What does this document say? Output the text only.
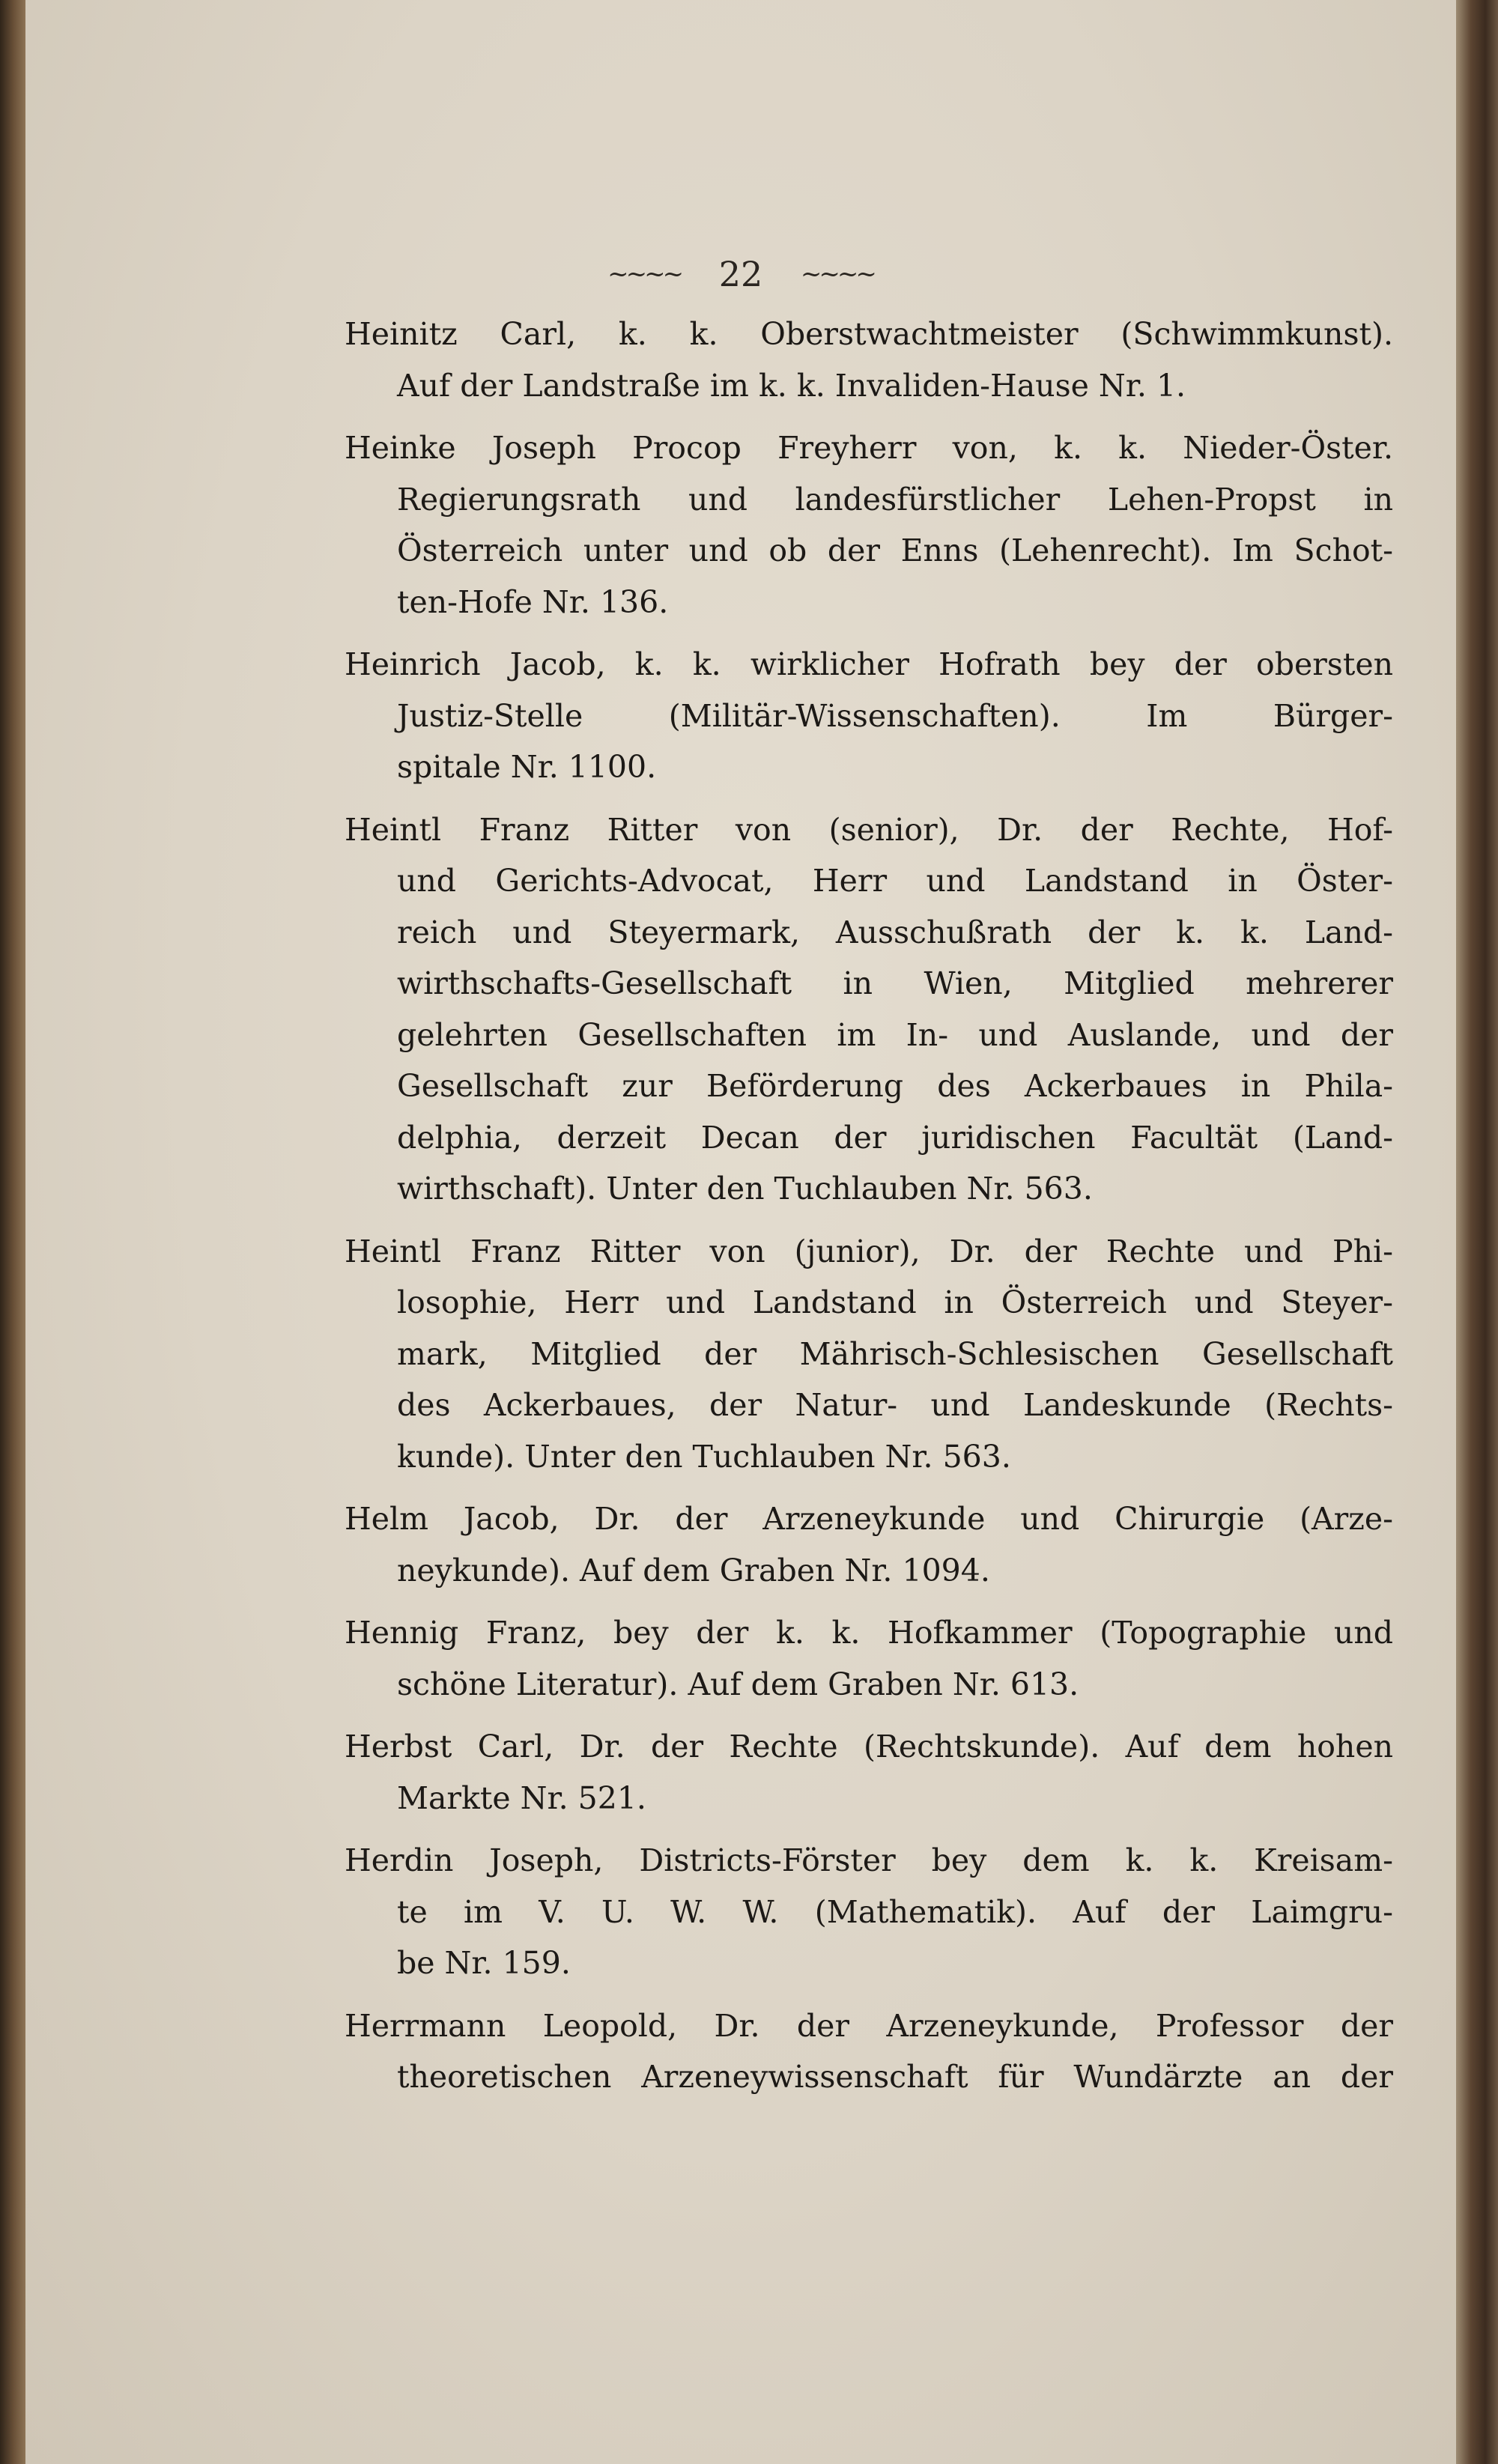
~~~~ 22 ~~~~
Heinitz Carl, k. k. Oberstwachtmeister (Schwimmkunst).
Auf der Landstraße im k. k. Invaliden-Hause Nr. 1.
Heinke Joseph Procop Freyherr von, k. k. Nieder-Öster.
Regierungsrath und landesfürstlicher Lehen-Propst in
Österreich unter und ob der Enns (Lehenrecht). Im Schot-
ten-Hofe Nr. 136.
Heinrich Jacob, k. k. wirklicher Hofrath bey der obersten
Justiz-Stelle (Militär-Wissenschaften). Im Bürger-
spitale Nr. 1100.
Heintl Franz Ritter von (senior), Dr. der Rechte, Hof-
und Gerichts-Advocat, Herr und Landstand in Öster-
reich und Steyermark, Ausschußrath der k. k. Land-
wirthschafts-Gesellschaft in Wien, Mitglied mehrerer
gelehrten Gesellschaften im In- und Auslande, und der
Gesellschaft zur Beförderung des Ackerbaues in Phila-
delphia, derzeit Decan der juridischen Facultät (Land-
wirthschaft). Unter den Tuchlauben Nr. 563.
Heintl Franz Ritter von (junior), Dr. der Rechte und Phi-
losophie, Herr und Landstand in Österreich und Steyer-
mark, Mitglied der Mährisch-Schlesischen Gesellschaft
des Ackerbaues, der Natur- und Landeskunde (Rechts-
kunde). Unter den Tuchlauben Nr. 563.
Helm Jacob, Dr. der Arzeneykunde und Chirurgie (Arze-
neykunde). Auf dem Graben Nr. 1094.
Hennig Franz, bey der k. k. Hofkammer (Topographie und
schöne Literatur). Auf dem Graben Nr. 613.
Herbst Carl, Dr. der Rechte (Rechtskunde). Auf dem hohen
Markte Nr. 521.
Herdin Joseph, Districts-Förster bey dem k. k. Kreisam-
te im V. U. W. W. (Mathematik). Auf der Laimgru-
be Nr. 159.
Herrmann Leopold, Dr. der Arzeneykunde, Professor der
theoretischen Arzeneywissenschaft für Wundärzte an der
